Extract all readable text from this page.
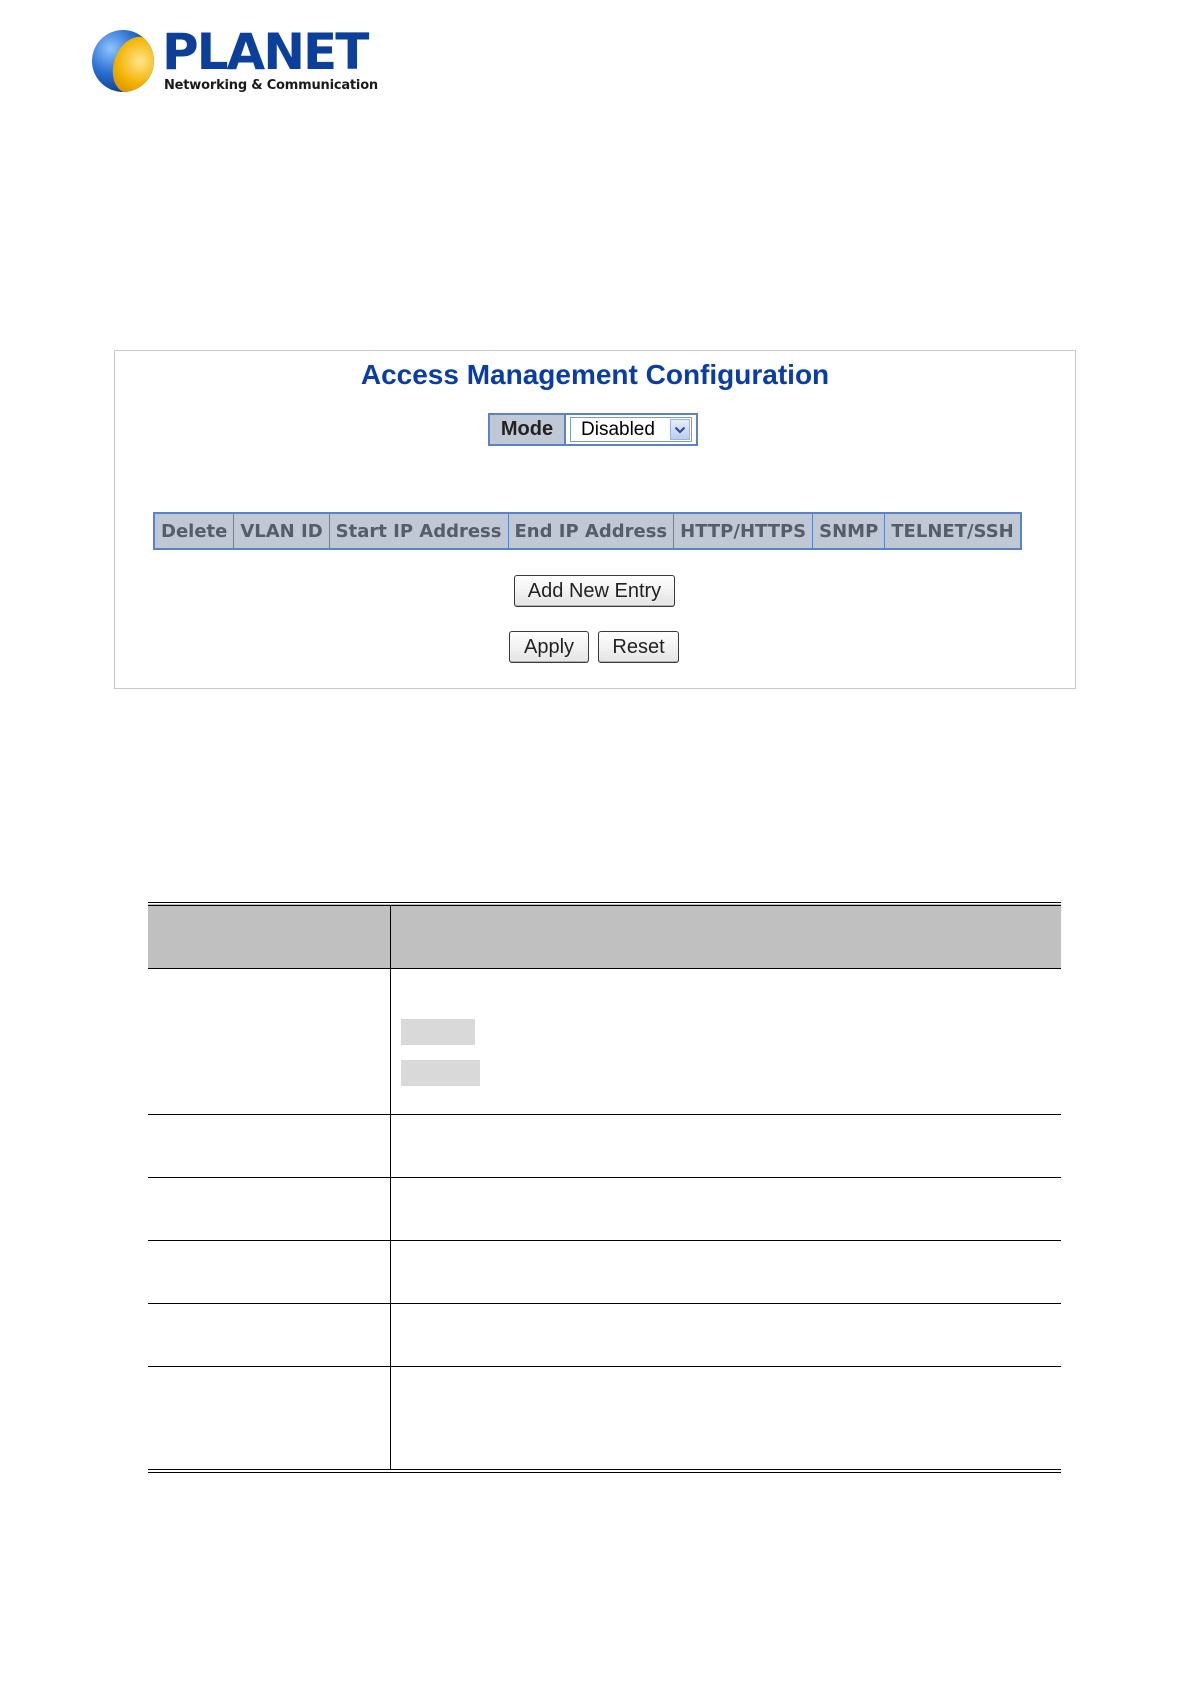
PLANET
Networking & Communication
Access Management Configuration
Mode	Disabled
Delete	VLAN ID	Start IP Address	End IP Address	HTTP/HTTPS	SNMP	TELNET/SSH
Add New Entry
Apply	Reset
